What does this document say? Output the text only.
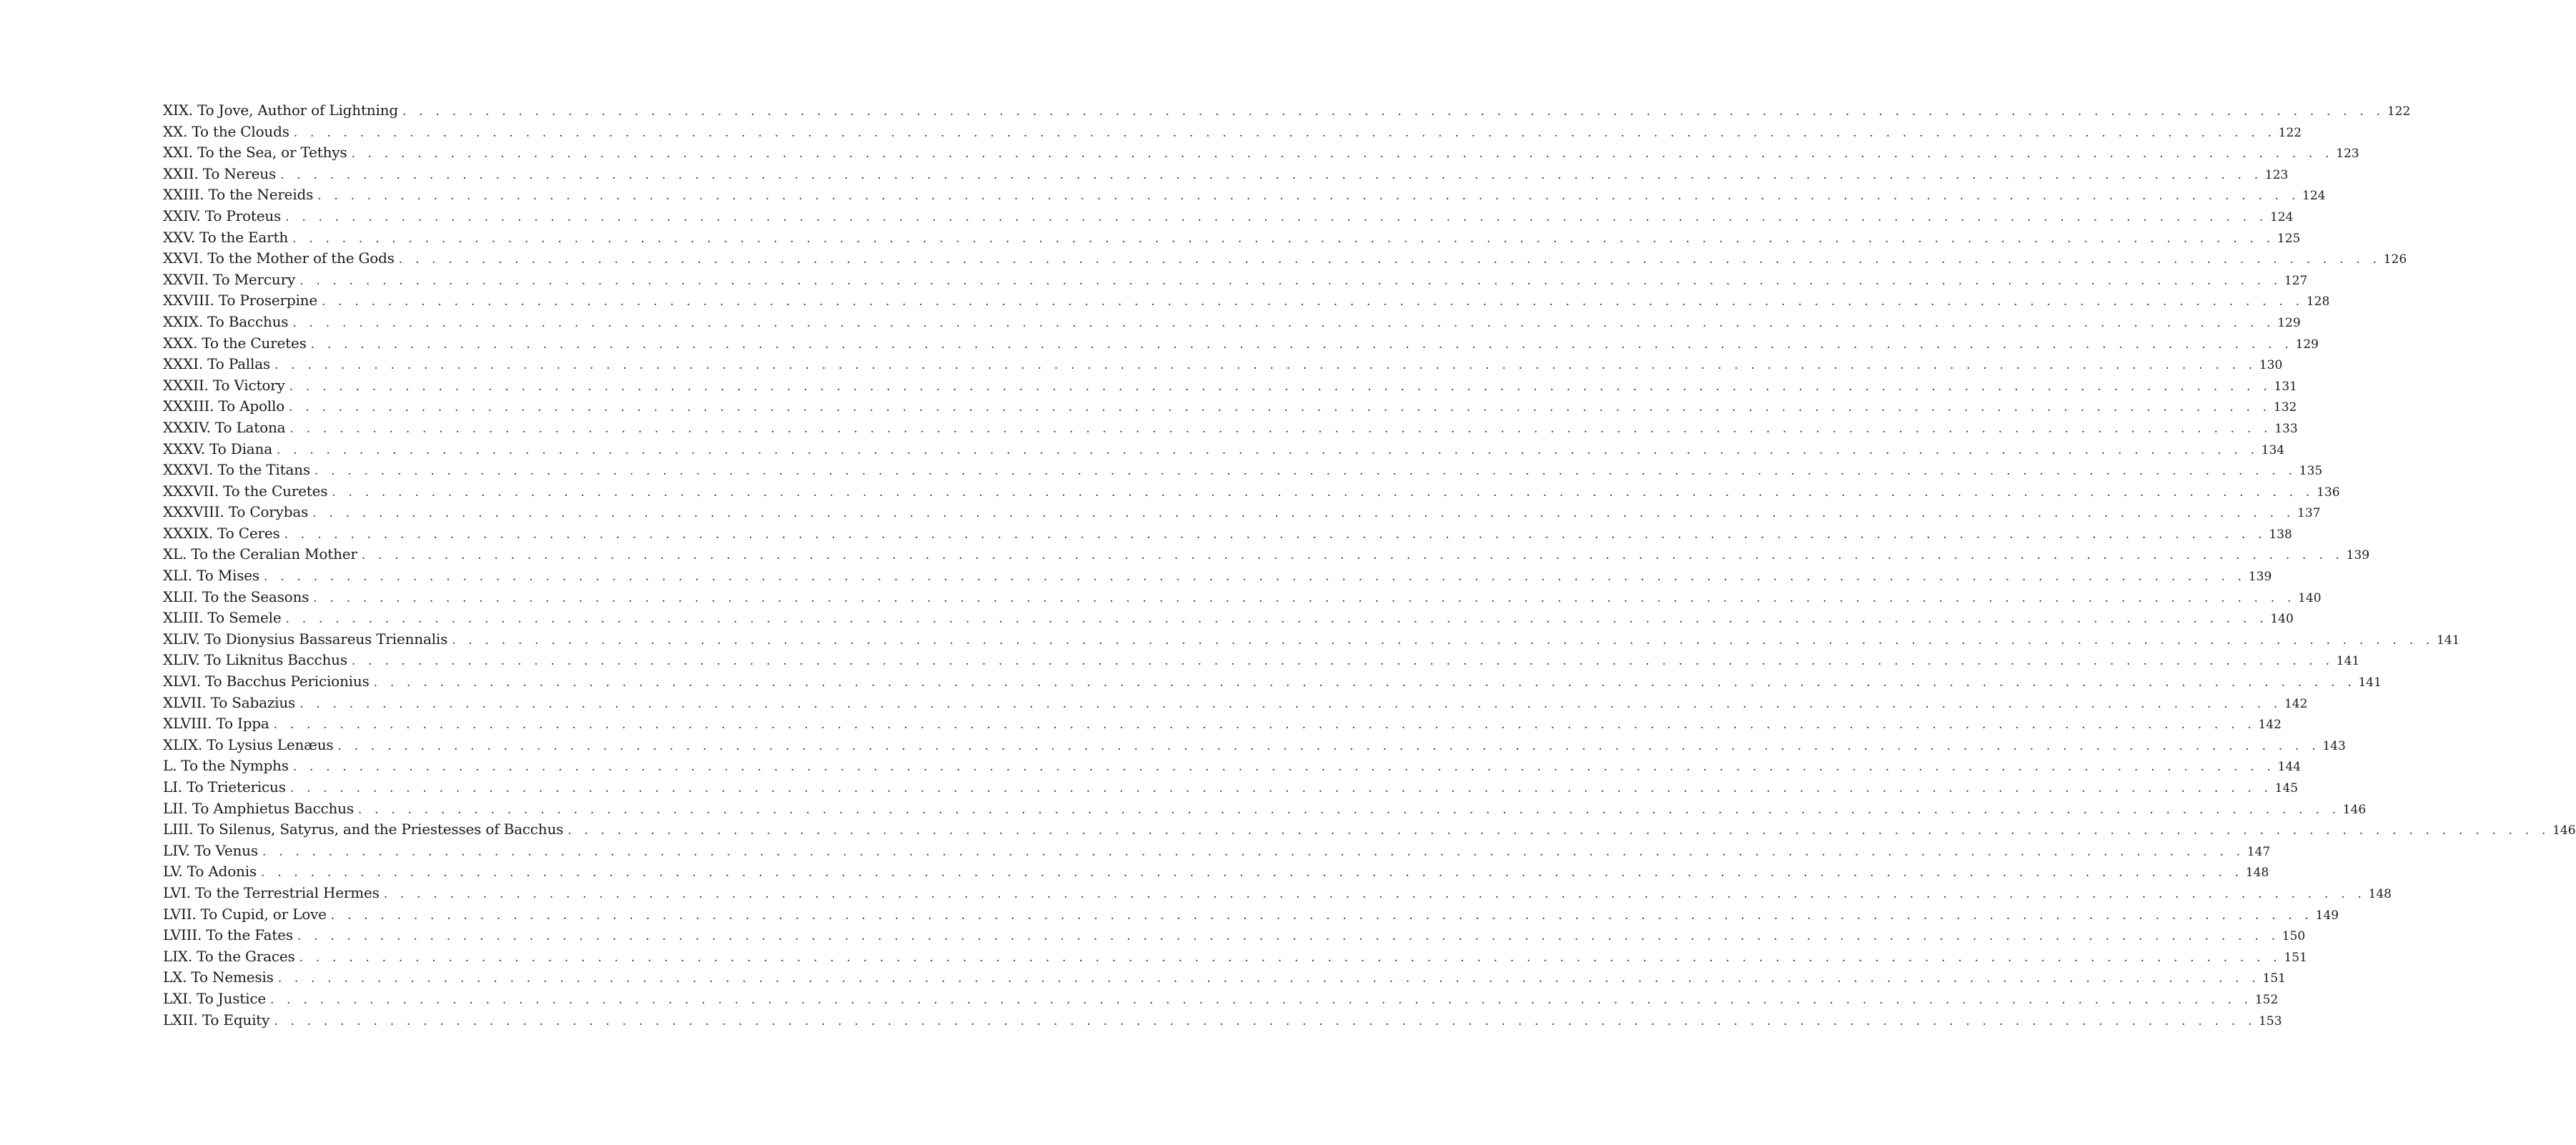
XIX. To Jove, Author of Lightning . . . . . . . . . . . . . . . . . . . . . . . . . . . . . . . . . . . . . . . . . . . . . . . . . . . . . . . . . . . . . . . . . . . . . . . . . . . . . . . . . . . . . . . . . . . . . . . . . . . . . . . . . . . . . . . . . . . . . . . . 122
XX. To the Clouds . . . . . . . . . . . . . . . . . . . . . . . . . . . . . . . . . . . . . . . . . . . . . . . . . . . . . . . . . . . . . . . . . . . . . . . . . . . . . . . . . . . . . . . . . . . . . . . . . . . . . . . . . . . . . . . . . . . . . . . . 122
XXI. To the Sea, or Tethys . . . . . . . . . . . . . . . . . . . . . . . . . . . . . . . . . . . . . . . . . . . . . . . . . . . . . . . . . . . . . . . . . . . . . . . . . . . . . . . . . . . . . . . . . . . . . . . . . . . . . . . . . . . . . . . . . . . . . . . . 123
XXII. To Nereus . . . . . . . . . . . . . . . . . . . . . . . . . . . . . . . . . . . . . . . . . . . . . . . . . . . . . . . . . . . . . . . . . . . . . . . . . . . . . . . . . . . . . . . . . . . . . . . . . . . . . . . . . . . . . . . . . . . . . . . . 123
XXIII. To the Nereids . . . . . . . . . . . . . . . . . . . . . . . . . . . . . . . . . . . . . . . . . . . . . . . . . . . . . . . . . . . . . . . . . . . . . . . . . . . . . . . . . . . . . . . . . . . . . . . . . . . . . . . . . . . . . . . . . . . . . . . . 124
XXIV. To Proteus . . . . . . . . . . . . . . . . . . . . . . . . . . . . . . . . . . . . . . . . . . . . . . . . . . . . . . . . . . . . . . . . . . . . . . . . . . . . . . . . . . . . . . . . . . . . . . . . . . . . . . . . . . . . . . . . . . . . . . . . 124
XXV. To the Earth . . . . . . . . . . . . . . . . . . . . . . . . . . . . . . . . . . . . . . . . . . . . . . . . . . . . . . . . . . . . . . . . . . . . . . . . . . . . . . . . . . . . . . . . . . . . . . . . . . . . . . . . . . . . . . . . . . . . . . . . 125
XXVI. To the Mother of the Gods . . . . . . . . . . . . . . . . . . . . . . . . . . . . . . . . . . . . . . . . . . . . . . . . . . . . . . . . . . . . . . . . . . . . . . . . . . . . . . . . . . . . . . . . . . . . . . . . . . . . . . . . . . . . . . . . . . . . . . . . 126
XXVII. To Mercury . . . . . . . . . . . . . . . . . . . . . . . . . . . . . . . . . . . . . . . . . . . . . . . . . . . . . . . . . . . . . . . . . . . . . . . . . . . . . . . . . . . . . . . . . . . . . . . . . . . . . . . . . . . . . . . . . . . . . . . . 127
XXVIII. To Proserpine . . . . . . . . . . . . . . . . . . . . . . . . . . . . . . . . . . . . . . . . . . . . . . . . . . . . . . . . . . . . . . . . . . . . . . . . . . . . . . . . . . . . . . . . . . . . . . . . . . . . . . . . . . . . . . . . . . . . . . . . 128
XXIX. To Bacchus . . . . . . . . . . . . . . . . . . . . . . . . . . . . . . . . . . . . . . . . . . . . . . . . . . . . . . . . . . . . . . . . . . . . . . . . . . . . . . . . . . . . . . . . . . . . . . . . . . . . . . . . . . . . . . . . . . . . . . . . 129
XXX. To the Curetes . . . . . . . . . . . . . . . . . . . . . . . . . . . . . . . . . . . . . . . . . . . . . . . . . . . . . . . . . . . . . . . . . . . . . . . . . . . . . . . . . . . . . . . . . . . . . . . . . . . . . . . . . . . . . . . . . . . . . . . . 129
XXXI. To Pallas . . . . . . . . . . . . . . . . . . . . . . . . . . . . . . . . . . . . . . . . . . . . . . . . . . . . . . . . . . . . . . . . . . . . . . . . . . . . . . . . . . . . . . . . . . . . . . . . . . . . . . . . . . . . . . . . . . . . . . . . 130
XXXII. To Victory . . . . . . . . . . . . . . . . . . . . . . . . . . . . . . . . . . . . . . . . . . . . . . . . . . . . . . . . . . . . . . . . . . . . . . . . . . . . . . . . . . . . . . . . . . . . . . . . . . . . . . . . . . . . . . . . . . . . . . . . 131
XXXIII. To Apollo . . . . . . . . . . . . . . . . . . . . . . . . . . . . . . . . . . . . . . . . . . . . . . . . . . . . . . . . . . . . . . . . . . . . . . . . . . . . . . . . . . . . . . . . . . . . . . . . . . . . . . . . . . . . . . . . . . . . . . . . 132
XXXIV. To Latona . . . . . . . . . . . . . . . . . . . . . . . . . . . . . . . . . . . . . . . . . . . . . . . . . . . . . . . . . . . . . . . . . . . . . . . . . . . . . . . . . . . . . . . . . . . . . . . . . . . . . . . . . . . . . . . . . . . . . . . . 133
XXXV. To Diana . . . . . . . . . . . . . . . . . . . . . . . . . . . . . . . . . . . . . . . . . . . . . . . . . . . . . . . . . . . . . . . . . . . . . . . . . . . . . . . . . . . . . . . . . . . . . . . . . . . . . . . . . . . . . . . . . . . . . . . . 134
XXXVI. To the Titans . . . . . . . . . . . . . . . . . . . . . . . . . . . . . . . . . . . . . . . . . . . . . . . . . . . . . . . . . . . . . . . . . . . . . . . . . . . . . . . . . . . . . . . . . . . . . . . . . . . . . . . . . . . . . . . . . . . . . . . . 135
XXXVII. To the Curetes . . . . . . . . . . . . . . . . . . . . . . . . . . . . . . . . . . . . . . . . . . . . . . . . . . . . . . . . . . . . . . . . . . . . . . . . . . . . . . . . . . . . . . . . . . . . . . . . . . . . . . . . . . . . . . . . . . . . . . . . 136
XXXVIII. To Corybas . . . . . . . . . . . . . . . . . . . . . . . . . . . . . . . . . . . . . . . . . . . . . . . . . . . . . . . . . . . . . . . . . . . . . . . . . . . . . . . . . . . . . . . . . . . . . . . . . . . . . . . . . . . . . . . . . . . . . . . . 137
XXXIX. To Ceres . . . . . . . . . . . . . . . . . . . . . . . . . . . . . . . . . . . . . . . . . . . . . . . . . . . . . . . . . . . . . . . . . . . . . . . . . . . . . . . . . . . . . . . . . . . . . . . . . . . . . . . . . . . . . . . . . . . . . . . . 138
XL. To the Ceralian Mother . . . . . . . . . . . . . . . . . . . . . . . . . . . . . . . . . . . . . . . . . . . . . . . . . . . . . . . . . . . . . . . . . . . . . . . . . . . . . . . . . . . . . . . . . . . . . . . . . . . . . . . . . . . . . . . . . . . . . . . . 139
XLI. To Mises . . . . . . . . . . . . . . . . . . . . . . . . . . . . . . . . . . . . . . . . . . . . . . . . . . . . . . . . . . . . . . . . . . . . . . . . . . . . . . . . . . . . . . . . . . . . . . . . . . . . . . . . . . . . . . . . . . . . . . . . 139
XLII. To the Seasons . . . . . . . . . . . . . . . . . . . . . . . . . . . . . . . . . . . . . . . . . . . . . . . . . . . . . . . . . . . . . . . . . . . . . . . . . . . . . . . . . . . . . . . . . . . . . . . . . . . . . . . . . . . . . . . . . . . . . . . . 140
XLIII. To Semele . . . . . . . . . . . . . . . . . . . . . . . . . . . . . . . . . . . . . . . . . . . . . . . . . . . . . . . . . . . . . . . . . . . . . . . . . . . . . . . . . . . . . . . . . . . . . . . . . . . . . . . . . . . . . . . . . . . . . . . . 140
XLIV. To Dionysius Bassareus Triennalis . . . . . . . . . . . . . . . . . . . . . . . . . . . . . . . . . . . . . . . . . . . . . . . . . . . . . . . . . . . . . . . . . . . . . . . . . . . . . . . . . . . . . . . . . . . . . . . . . . . . . . . . . . . . . . . . . . . . . . . . 141
XLIV. To Liknitus Bacchus . . . . . . . . . . . . . . . . . . . . . . . . . . . . . . . . . . . . . . . . . . . . . . . . . . . . . . . . . . . . . . . . . . . . . . . . . . . . . . . . . . . . . . . . . . . . . . . . . . . . . . . . . . . . . . . . . . . . . . . . 141
XLVI. To Bacchus Pericionius . . . . . . . . . . . . . . . . . . . . . . . . . . . . . . . . . . . . . . . . . . . . . . . . . . . . . . . . . . . . . . . . . . . . . . . . . . . . . . . . . . . . . . . . . . . . . . . . . . . . . . . . . . . . . . . . . . . . . . . . 141
XLVII. To Sabazius . . . . . . . . . . . . . . . . . . . . . . . . . . . . . . . . . . . . . . . . . . . . . . . . . . . . . . . . . . . . . . . . . . . . . . . . . . . . . . . . . . . . . . . . . . . . . . . . . . . . . . . . . . . . . . . . . . . . . . . . 142
XLVIII. To Ippa . . . . . . . . . . . . . . . . . . . . . . . . . . . . . . . . . . . . . . . . . . . . . . . . . . . . . . . . . . . . . . . . . . . . . . . . . . . . . . . . . . . . . . . . . . . . . . . . . . . . . . . . . . . . . . . . . . . . . . . . 142
XLIX. To Lysius Lenæus . . . . . . . . . . . . . . . . . . . . . . . . . . . . . . . . . . . . . . . . . . . . . . . . . . . . . . . . . . . . . . . . . . . . . . . . . . . . . . . . . . . . . . . . . . . . . . . . . . . . . . . . . . . . . . . . . . . . . . . . 143
L. To the Nymphs . . . . . . . . . . . . . . . . . . . . . . . . . . . . . . . . . . . . . . . . . . . . . . . . . . . . . . . . . . . . . . . . . . . . . . . . . . . . . . . . . . . . . . . . . . . . . . . . . . . . . . . . . . . . . . . . . . . . . . . . 144
LI. To Trietericus . . . . . . . . . . . . . . . . . . . . . . . . . . . . . . . . . . . . . . . . . . . . . . . . . . . . . . . . . . . . . . . . . . . . . . . . . . . . . . . . . . . . . . . . . . . . . . . . . . . . . . . . . . . . . . . . . . . . . . . . 145
LII. To Amphietus Bacchus . . . . . . . . . . . . . . . . . . . . . . . . . . . . . . . . . . . . . . . . . . . . . . . . . . . . . . . . . . . . . . . . . . . . . . . . . . . . . . . . . . . . . . . . . . . . . . . . . . . . . . . . . . . . . . . . . . . . . . . . 146
LIII. To Silenus, Satyrus, and the Priestesses of Bacchus . . . . . . . . . . . . . . . . . . . . . . . . . . . . . . . . . . . . . . . . . . . . . . . . . . . . . . . . . . . . . . . . . . . . . . . . . . . . . . . . . . . . . . . . . . . . . . . . . . . . . . . . . . . . . . . . . . . . . . . . 146
LIV. To Venus . . . . . . . . . . . . . . . . . . . . . . . . . . . . . . . . . . . . . . . . . . . . . . . . . . . . . . . . . . . . . . . . . . . . . . . . . . . . . . . . . . . . . . . . . . . . . . . . . . . . . . . . . . . . . . . . . . . . . . . . 147
LV. To Adonis . . . . . . . . . . . . . . . . . . . . . . . . . . . . . . . . . . . . . . . . . . . . . . . . . . . . . . . . . . . . . . . . . . . . . . . . . . . . . . . . . . . . . . . . . . . . . . . . . . . . . . . . . . . . . . . . . . . . . . . . 148
LVI. To the Terrestrial Hermes . . . . . . . . . . . . . . . . . . . . . . . . . . . . . . . . . . . . . . . . . . . . . . . . . . . . . . . . . . . . . . . . . . . . . . . . . . . . . . . . . . . . . . . . . . . . . . . . . . . . . . . . . . . . . . . . . . . . . . . . 148
LVII. To Cupid, or Love . . . . . . . . . . . . . . . . . . . . . . . . . . . . . . . . . . . . . . . . . . . . . . . . . . . . . . . . . . . . . . . . . . . . . . . . . . . . . . . . . . . . . . . . . . . . . . . . . . . . . . . . . . . . . . . . . . . . . . . . 149
LVIII. To the Fates . . . . . . . . . . . . . . . . . . . . . . . . . . . . . . . . . . . . . . . . . . . . . . . . . . . . . . . . . . . . . . . . . . . . . . . . . . . . . . . . . . . . . . . . . . . . . . . . . . . . . . . . . . . . . . . . . . . . . . . . 150
LIX. To the Graces . . . . . . . . . . . . . . . . . . . . . . . . . . . . . . . . . . . . . . . . . . . . . . . . . . . . . . . . . . . . . . . . . . . . . . . . . . . . . . . . . . . . . . . . . . . . . . . . . . . . . . . . . . . . . . . . . . . . . . . . 151
LX. To Nemesis . . . . . . . . . . . . . . . . . . . . . . . . . . . . . . . . . . . . . . . . . . . . . . . . . . . . . . . . . . . . . . . . . . . . . . . . . . . . . . . . . . . . . . . . . . . . . . . . . . . . . . . . . . . . . . . . . . . . . . . . 151
LXI. To Justice . . . . . . . . . . . . . . . . . . . . . . . . . . . . . . . . . . . . . . . . . . . . . . . . . . . . . . . . . . . . . . . . . . . . . . . . . . . . . . . . . . . . . . . . . . . . . . . . . . . . . . . . . . . . . . . . . . . . . . . . 152
LXII. To Equity . . . . . . . . . . . . . . . . . . . . . . . . . . . . . . . . . . . . . . . . . . . . . . . . . . . . . . . . . . . . . . . . . . . . . . . . . . . . . . . . . . . . . . . . . . . . . . . . . . . . . . . . . . . . . . . . . . . . . . . . 153
